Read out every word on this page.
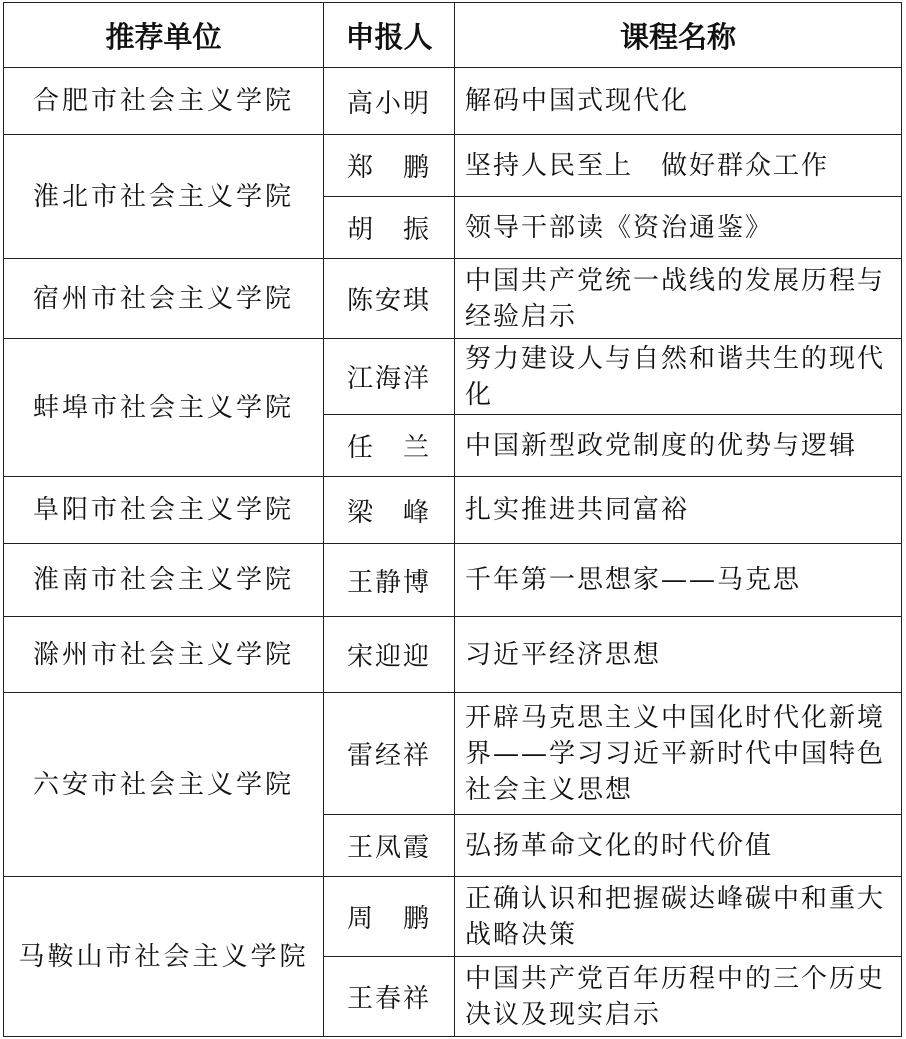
推荐单位	申报人	课程名称
合肥市社会主义学院	高小明	解码中国式现代化
淮北市社会主义学院	郑　鹏	坚持人民至上　做好群众工作
	胡　振	领导干部读《资治通鉴》
宿州市社会主义学院	陈安琪	中国共产党统一战线的发展历程与经验启示
蚌埠市社会主义学院	江海洋	努力建设人与自然和谐共生的现代化
	任　兰	中国新型政党制度的优势与逻辑
阜阳市社会主义学院	梁　峰	扎实推进共同富裕
淮南市社会主义学院	王静博	千年第一思想家——马克思
滁州市社会主义学院	宋迎迎	习近平经济思想
六安市社会主义学院	雷经祥	开辟马克思主义中国化时代化新境界——学习习近平新时代中国特色社会主义思想
	王凤霞	弘扬革命文化的时代价值
马鞍山市社会主义学院	周　鹏	正确认识和把握碳达峰碳中和重大战略决策
	王春祥	中国共产党百年历程中的三个历史决议及现实启示
